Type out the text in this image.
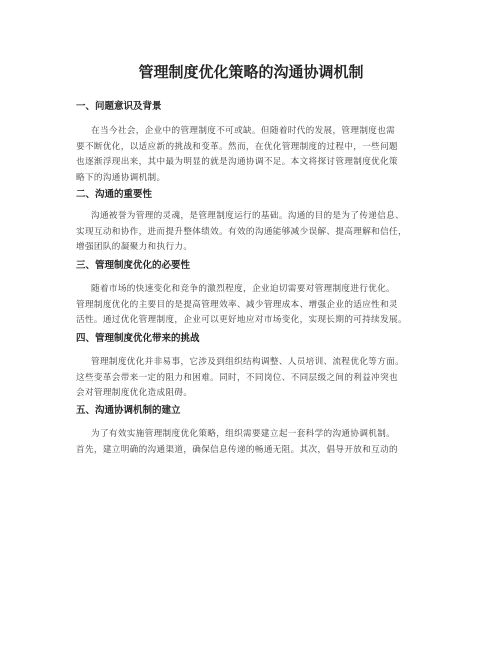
管理制度优化策略的沟通协调机制
一、问题意识及背景
在当今社会，企业中的管理制度不可或缺。但随着时代的发展，管理制度也需
要不断优化，以适应新的挑战和变革。然而，在优化管理制度的过程中，一些问题
也逐渐浮现出来，其中最为明显的就是沟通协调不足。本文将探讨管理制度优化策
略下的沟通协调机制。
二、沟通的重要性
沟通被誉为管理的灵魂，是管理制度运行的基础。沟通的目的是为了传递信息、
实现互动和协作，进而提升整体绩效。有效的沟通能够减少误解、提高理解和信任，
增强团队的凝聚力和执行力。
三、管理制度优化的必要性
随着市场的快速变化和竞争的激烈程度，企业迫切需要对管理制度进行优化。
管理制度优化的主要目的是提高管理效率、减少管理成本、增强企业的适应性和灵
活性。通过优化管理制度，企业可以更好地应对市场变化，实现长期的可持续发展。
四、管理制度优化带来的挑战
管理制度优化并非易事，它涉及到组织结构调整、人员培训、流程优化等方面。
这些变革会带来一定的阻力和困难。同时，不同岗位、不同层级之间的利益冲突也
会对管理制度优化造成阻碍。
五、沟通协调机制的建立
为了有效实施管理制度优化策略，组织需要建立起一套科学的沟通协调机制。
首先，建立明确的沟通渠道，确保信息传递的畅通无阻。其次，倡导开放和互动的
